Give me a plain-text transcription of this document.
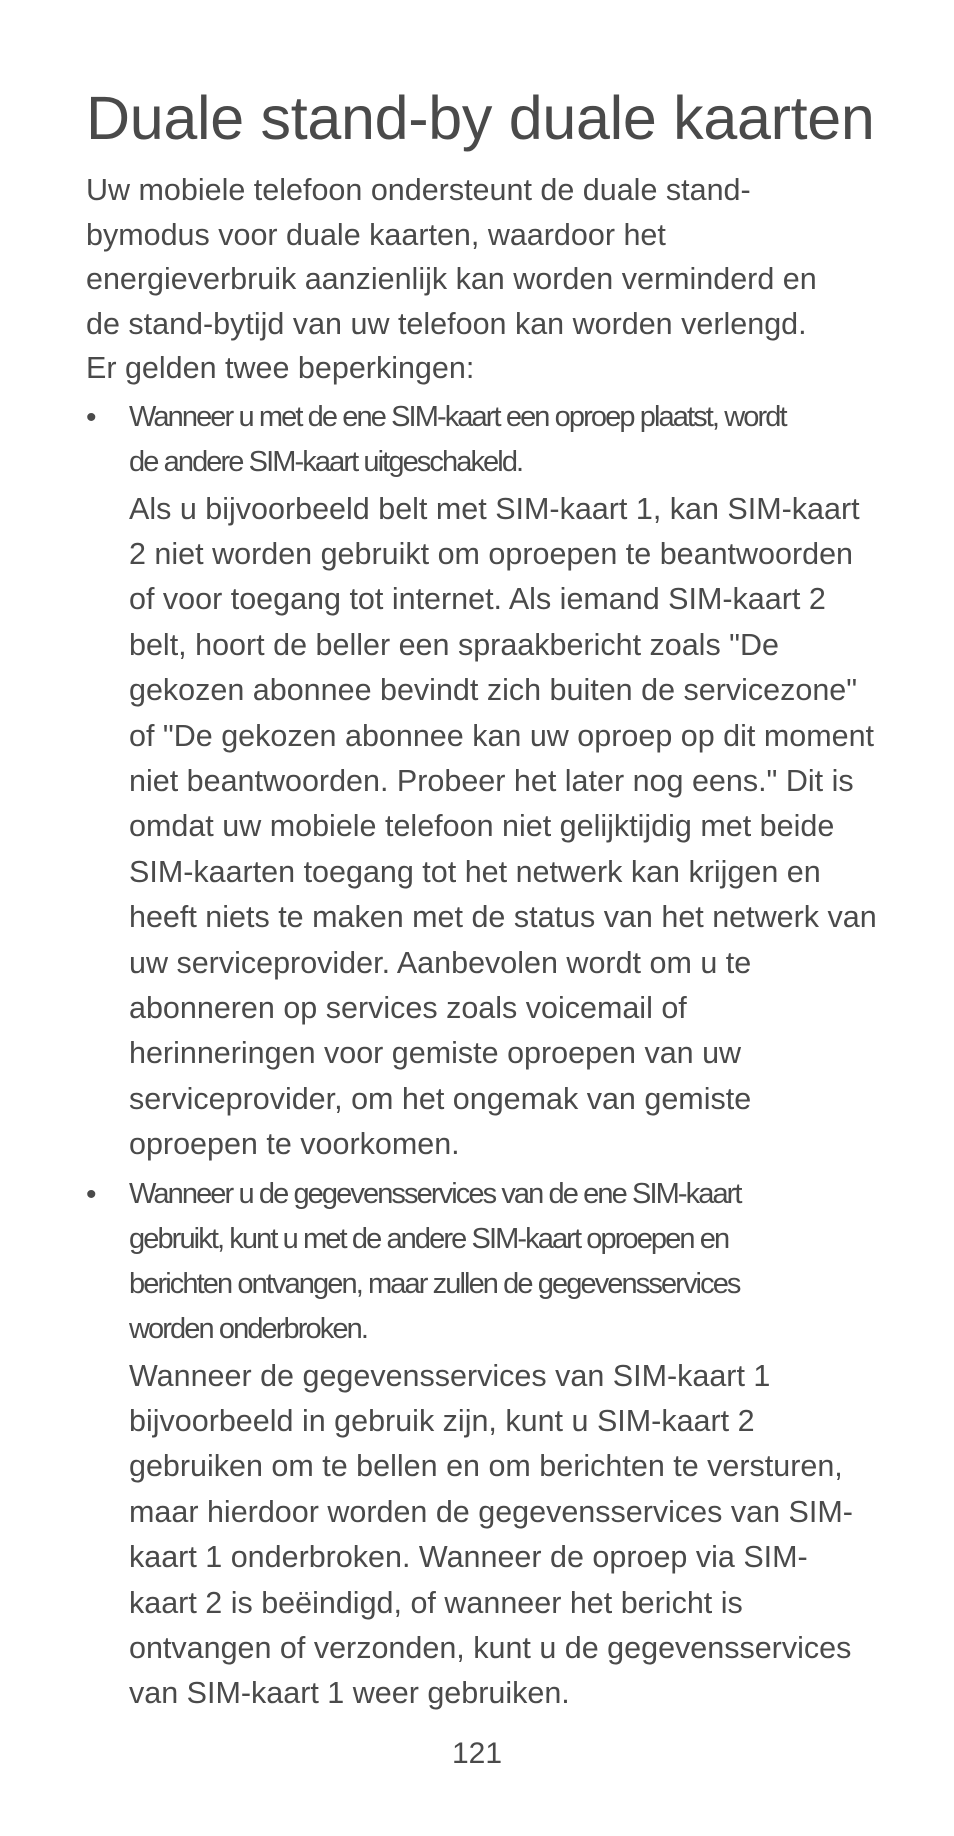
Duale stand-by duale kaarten

Uw mobiele telefoon ondersteunt de duale stand-
bymodus voor duale kaarten, waardoor het
energieverbruik aanzienlijk kan worden verminderd en
de stand-bytijd van uw telefoon kan worden verlengd.
Er gelden twee beperkingen:

• Wanneer u met de ene SIM-kaart een oproep plaatst, wordt
de andere SIM-kaart uitgeschakeld.

Als u bijvoorbeeld belt met SIM-kaart 1, kan SIM-kaart
2 niet worden gebruikt om oproepen te beantwoorden
of voor toegang tot internet. Als iemand SIM-kaart 2
belt, hoort de beller een spraakbericht zoals "De
gekozen abonnee bevindt zich buiten de servicezone"
of "De gekozen abonnee kan uw oproep op dit moment
niet beantwoorden. Probeer het later nog eens." Dit is
omdat uw mobiele telefoon niet gelijktijdig met beide
SIM-kaarten toegang tot het netwerk kan krijgen en
heeft niets te maken met de status van het netwerk van
uw serviceprovider. Aanbevolen wordt om u te
abonneren op services zoals voicemail of
herinneringen voor gemiste oproepen van uw
serviceprovider, om het ongemak van gemiste
oproepen te voorkomen.

• Wanneer u de gegevensservices van de ene SIM-kaart
gebruikt, kunt u met de andere SIM-kaart oproepen en
berichten ontvangen, maar zullen de gegevensservices
worden onderbroken.

Wanneer de gegevensservices van SIM-kaart 1
bijvoorbeeld in gebruik zijn, kunt u SIM-kaart 2
gebruiken om te bellen en om berichten te versturen,
maar hierdoor worden de gegevensservices van SIM-
kaart 1 onderbroken. Wanneer de oproep via SIM-
kaart 2 is beëindigd, of wanneer het bericht is
ontvangen of verzonden, kunt u de gegevensservices
van SIM-kaart 1 weer gebruiken.

121
